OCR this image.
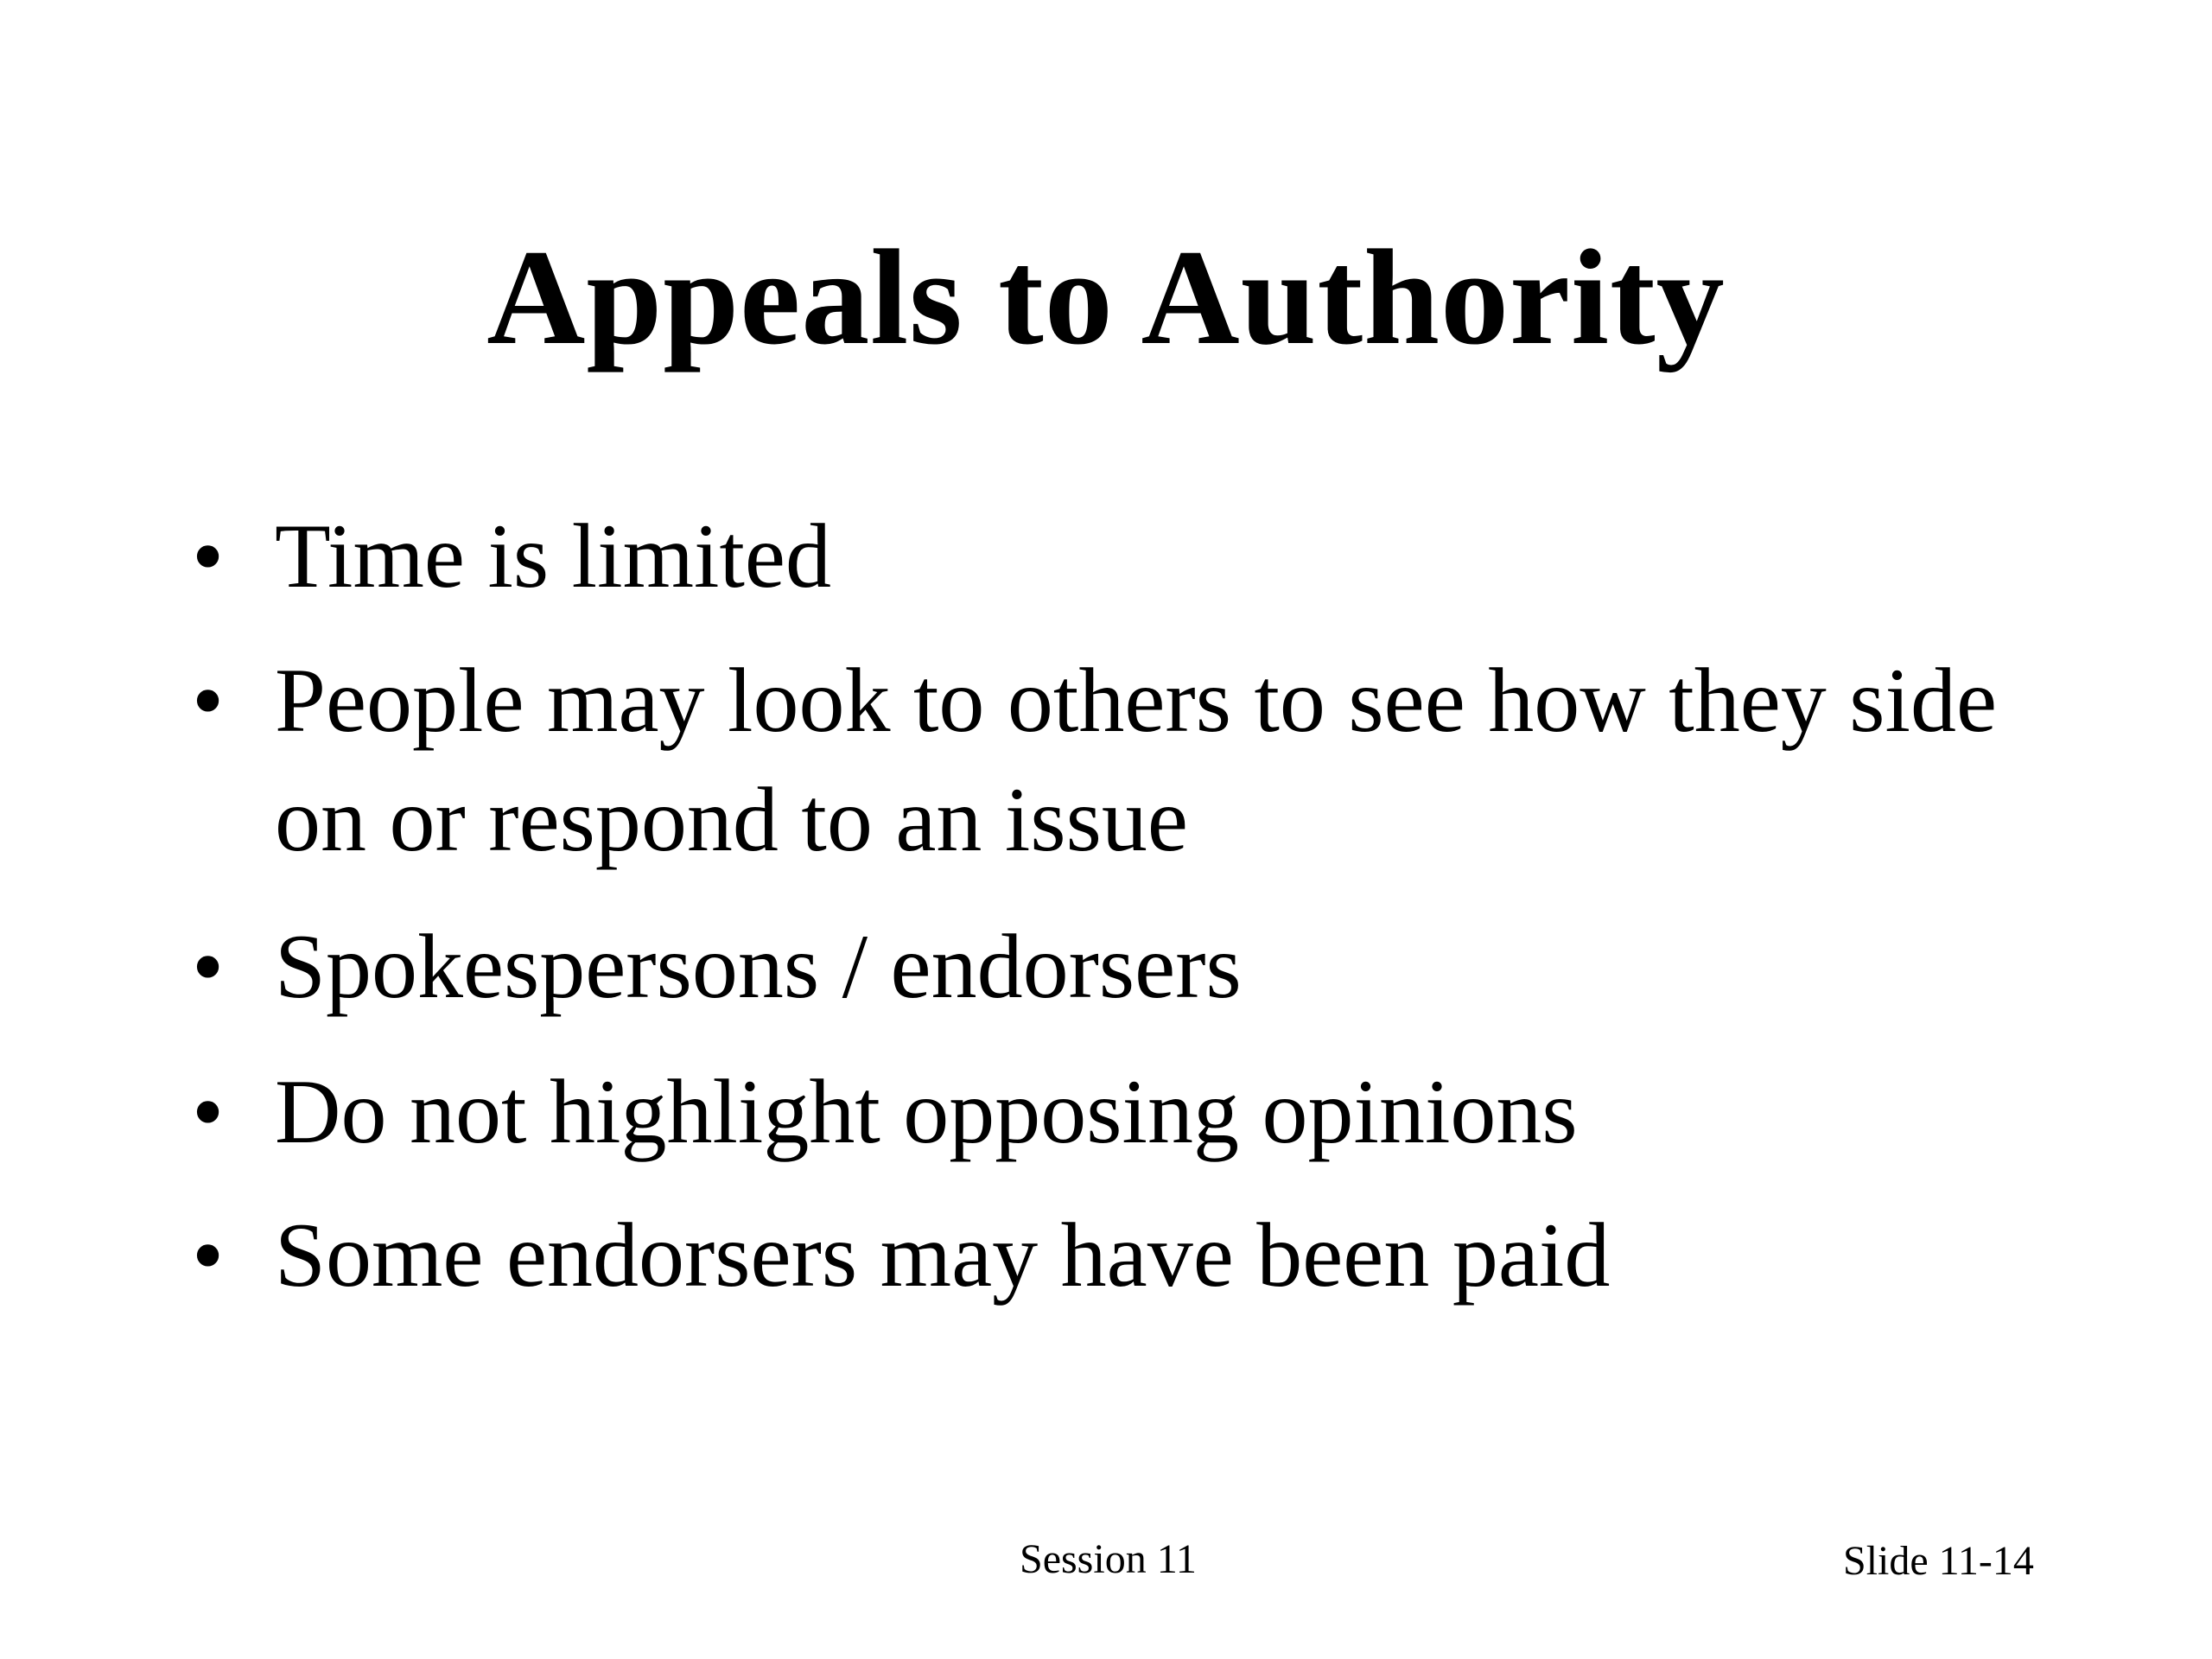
Appeals to Authority
• Time is limited
• People may look to others to see how they side on or respond to an issue
• Spokespersons / endorsers
• Do not highlight opposing opinions
• Some endorsers may have been paid
Session 11	Slide 11-14
